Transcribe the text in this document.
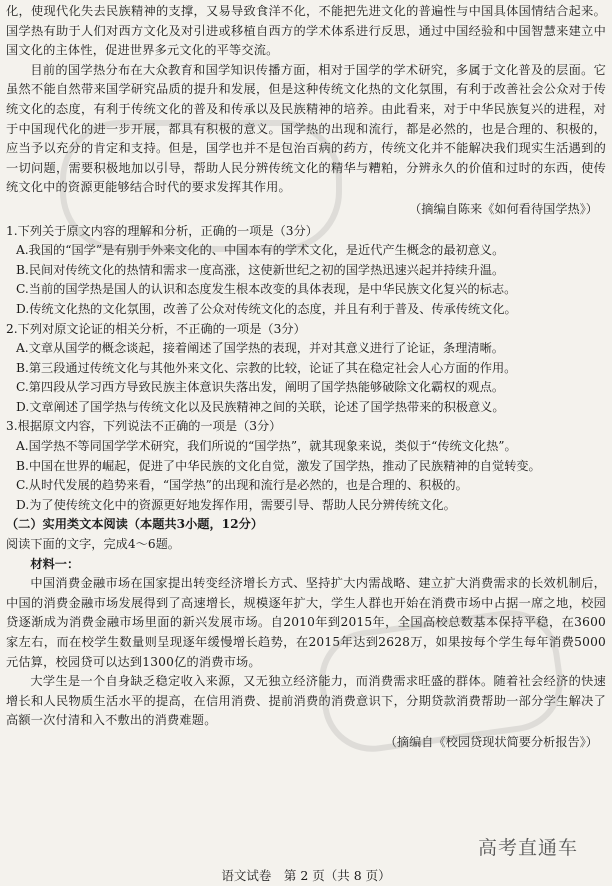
化，使现代化失去民族精神的支撑，又易导致食洋不化，不能把先进文化的普遍性与中国具体国情结合起来。国学热有助于人们对西方文化及对引进或移植自西方的学术体系进行反思，通过中国经验和中国智慧来建立中国文化的主体性，促进世界多元文化的平等交流。

目前的国学热分布在大众教育和国学知识传播方面，相对于国学的学术研究，多属于文化普及的层面。它虽然不能自然带来国学研究品质的提升和发展，但是这种传统文化热的文化氛围，有利于改善社会公众对于传统文化的态度，有利于传统文化的普及和传承以及民族精神的培养。由此看来，对于中华民族复兴的进程，对于中国现代化的进一步开展，都具有积极的意义。国学热的出现和流行，都是必然的，也是合理的、积极的，应当予以充分的肯定和支持。但是，国学也并不是包治百病的药方，传统文化并不能解决我们现实生活遇到的一切问题，需要积极地加以引导，帮助人民分辨传统文化的精华与糟粕，分辨永久的价值和过时的东西，使传统文化中的资源更能够结合时代的要求发挥其作用。

（摘编自陈来《如何看待国学热》）

1.下列关于原文内容的理解和分析，正确的一项是（3分）

A.我国的“国学”是有别于外来文化的、中国本有的学术文化，是近代产生概念的最初意义。

B.民间对传统文化的热情和需求一度高涨，这使新世纪之初的国学热迅速兴起并持续升温。

C.当前的国学热是国人的认识和态度发生根本改变的具体表现，是中华民族文化复兴的标志。

D.传统文化热的文化氛围，改善了公众对传统文化的态度，并且有利于普及、传承传统文化。

2.下列对原文论证的相关分析，不正确的一项是（3分）

A.文章从国学的概念谈起，接着阐述了国学热的表现，并对其意义进行了论证，条理清晰。

B.第三段通过传统文化与其他外来文化、宗教的比较，论证了其在稳定社会人心方面的作用。

C.第四段从学习西方导致民族主体意识失落出发，阐明了国学热能够破除文化霸权的观点。

D.文章阐述了国学热与传统文化以及民族精神之间的关联，论述了国学热带来的积极意义。

3.根据原文内容，下列说法不正确的一项是（3分）

A.国学热不等同国学学术研究，我们所说的“国学热”，就其现象来说，类似于“传统文化热”。

B.中国在世界的崛起，促进了中华民族的文化自觉，激发了国学热，推动了民族精神的自觉转变。

C.从时代发展的趋势来看，“国学热”的出现和流行是必然的，也是合理的、积极的。

D.为了使传统文化中的资源更好地发挥作用，需要引导、帮助人民分辨传统文化。

（二）实用类文本阅读（本题共3小题，12分）

阅读下面的文字，完成4～6题。

材料一：

中国消费金融市场在国家提出转变经济增长方式、坚持扩大内需战略、建立扩大消费需求的长效机制后，中国的消费金融市场发展得到了高速增长，规模逐年扩大，学生人群也开始在消费市场中占据一席之地，校园贷逐渐成为消费金融市场里面的新兴发展市场。自2010年到2015年，全国高校总数基本保持平稳，在3600家左右，而在校学生数量则呈现逐年缓慢增长趋势，在2015年达到2628万，如果按每个学生每年消费5000元估算，校园贷可以达到1300亿的消费市场。

大学生是一个自身缺乏稳定收入来源，又无独立经济能力，而消费需求旺盛的群体。随着社会经济的快速增长和人民物质生活水平的提高，在信用消费、提前消费的消费意识下，分期贷款消费帮助一部分学生解决了高额一次付清和入不敷出的消费难题。

（摘编自《校园贷现状简要分析报告》）

语文试卷　第 2 页（共 8 页）
高考直通车
